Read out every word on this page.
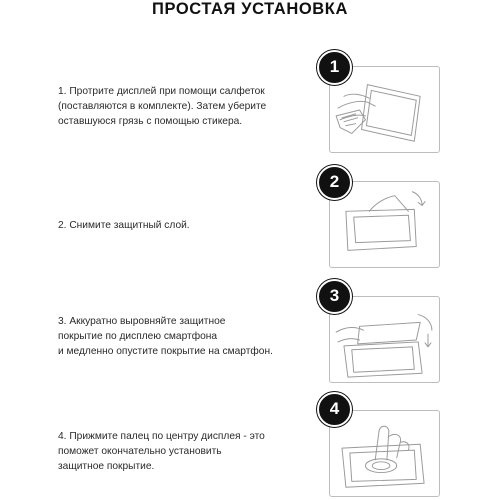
ПРОСТАЯ УСТАНОВКА
1. Протрите дисплей при помощи салфеток
(поставляются в комплекте). Затем уберите
оставшуюся грязь с помощью стикера.
1
2. Снимите защитный слой.
2
3. Аккуратно выровняйте защитное
покрытие по дисплею смартфона
и медленно опустите покрытие на смартфон.
3
4. Прижмите палец по центру дисплея - это
поможет окончательно установить
защитное покрытие.
4
